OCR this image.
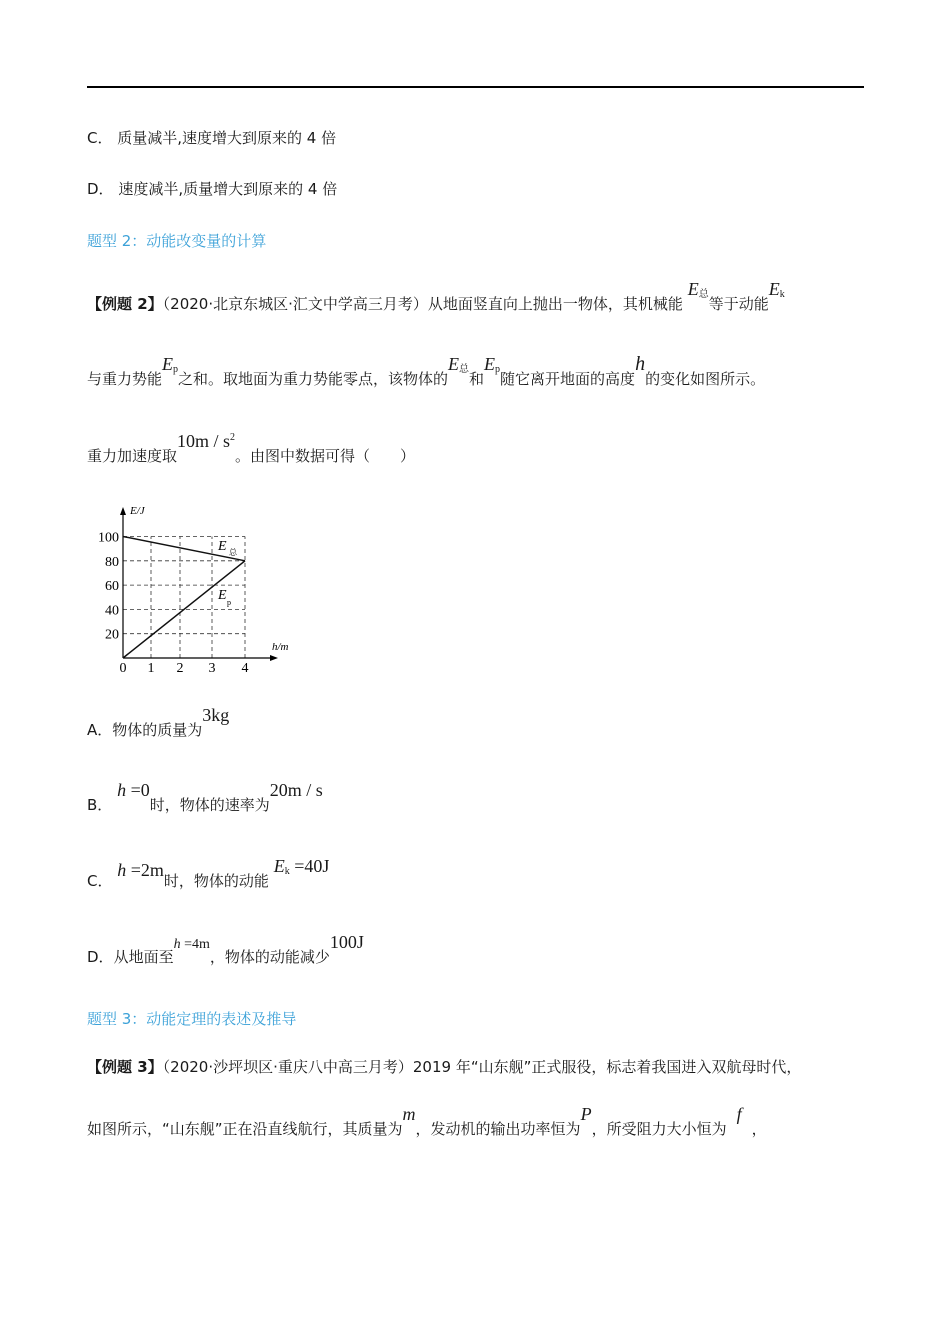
C． 质量减半,速度增大到原来的 4 倍
D． 速度减半,质量增大到原来的 4 倍
题型 2：动能改变量的计算
【例题 2】（2020·北京东城区·汇文中学高三月考）从地面竖直向上抛出一物体，其机械能 $E_总$等于动能$E_k$
与重力势能$E_p$之和。取地面为重力势能零点，该物体的$E_总$和$E_p$随它离开地面的高度h的变化如图所示。
重力加速度取$10m / s^2$。由图中数据可得（　　）
20
40
60
80
100
0 1 2 3 4
E/J
h/m
E 总
E p
A．物体的质量为3kg
B． h =0时，物体的速率为20m / s
C． h =2m时，物体的动能 $E_k =40J$
D．从地面至h =4m，物体的动能减少100J
题型 3：动能定理的表述及推导
【例题 3】（2020·沙坪坝区·重庆八中高三月考）2019 年“山东舰”正式服役，标志着我国进入双航母时代，
如图所示，“山东舰”正在沿直线航行，其质量为m，发动机的输出功率恒为P，所受阻力大小恒为f，
